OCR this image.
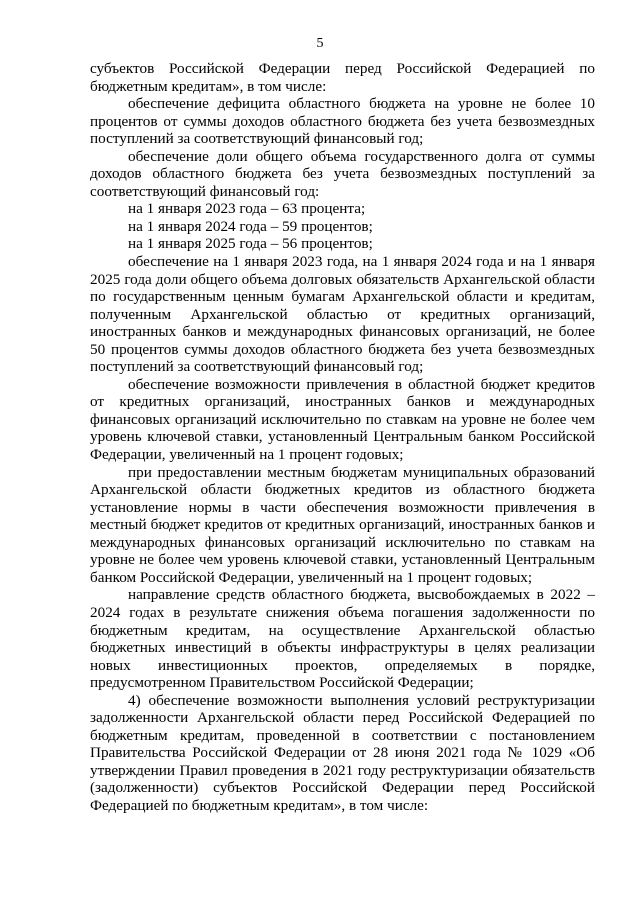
5

субъектов Российской Федерации перед Российской Федерацией по бюджетным кредитам», в том числе:

обеспечение дефицита областного бюджета на уровне не более 10 процентов от суммы доходов областного бюджета без учета безвозмездных поступлений за соответствующий финансовый год;

обеспечение доли общего объема государственного долга от суммы доходов областного бюджета без учета безвозмездных поступлений за соответствующий финансовый год:

на 1 января 2023 года – 63 процента;

на 1 января 2024 года – 59 процентов;

на 1 января 2025 года – 56 процентов;

обеспечение на 1 января 2023 года, на 1 января 2024 года и на 1 января 2025 года доли общего объема долговых обязательств Архангельской области по государственным ценным бумагам Архангельской области и кредитам, полученным Архангельской областью от кредитных организаций, иностранных банков и международных финансовых организаций, не более 50 процентов суммы доходов областного бюджета без учета безвозмездных поступлений за соответствующий финансовый год;

обеспечение возможности привлечения в областной бюджет кредитов от кредитных организаций, иностранных банков и международных финансовых организаций исключительно по ставкам на уровне не более чем уровень ключевой ставки, установленный Центральным банком Российской Федерации, увеличенный на 1 процент годовых;

при предоставлении местным бюджетам муниципальных образований Архангельской области бюджетных кредитов из областного бюджета установление нормы в части обеспечения возможности привлечения в местный бюджет кредитов от кредитных организаций, иностранных банков и международных финансовых организаций исключительно по ставкам на уровне не более чем уровень ключевой ставки, установленный Центральным банком Российской Федерации, увеличенный на 1 процент годовых;

направление средств областного бюджета, высвобождаемых в 2022 – 2024 годах в результате снижения объема погашения задолженности по бюджетным кредитам, на осуществление Архангельской областью бюджетных инвестиций в объекты инфраструктуры в целях реализации новых инвестиционных проектов, определяемых в порядке, предусмотренном Правительством Российской Федерации;

4) обеспечение возможности выполнения условий реструктуризации задолженности Архангельской области перед Российской Федерацией по бюджетным кредитам, проведенной в соответствии с постановлением Правительства Российской Федерации от 28 июня 2021 года № 1029 «Об утверждении Правил проведения в 2021 году реструктуризации обязательств (задолженности) субъектов Российской Федерации перед Российской Федерацией по бюджетным кредитам», в том числе:
